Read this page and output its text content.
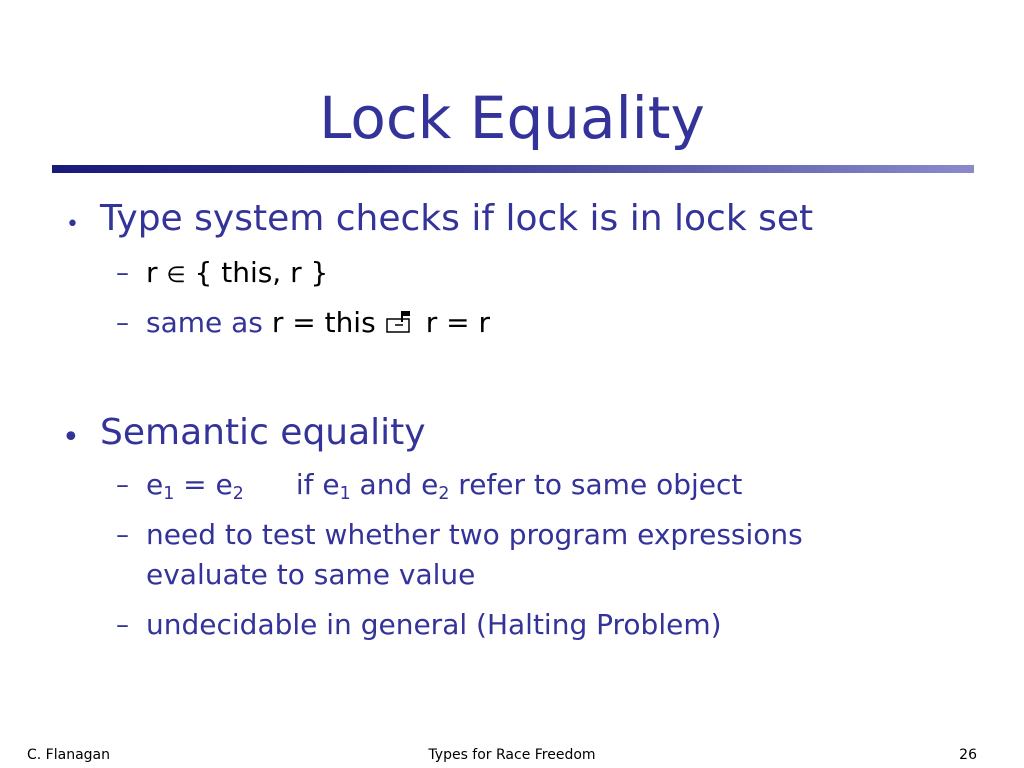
Lock Equality
• Type system checks if lock is in lock set
– r ∈ { this, r }
– same as r = this r = r
• Semantic equality
– $e_1 = e_2$ if $e_1$ and $e_2$ refer to same object
– need to test whether two program expressions
evaluate to same value
– undecidable in general (Halting Problem)
C. Flanagan	Types for Race Freedom	26
